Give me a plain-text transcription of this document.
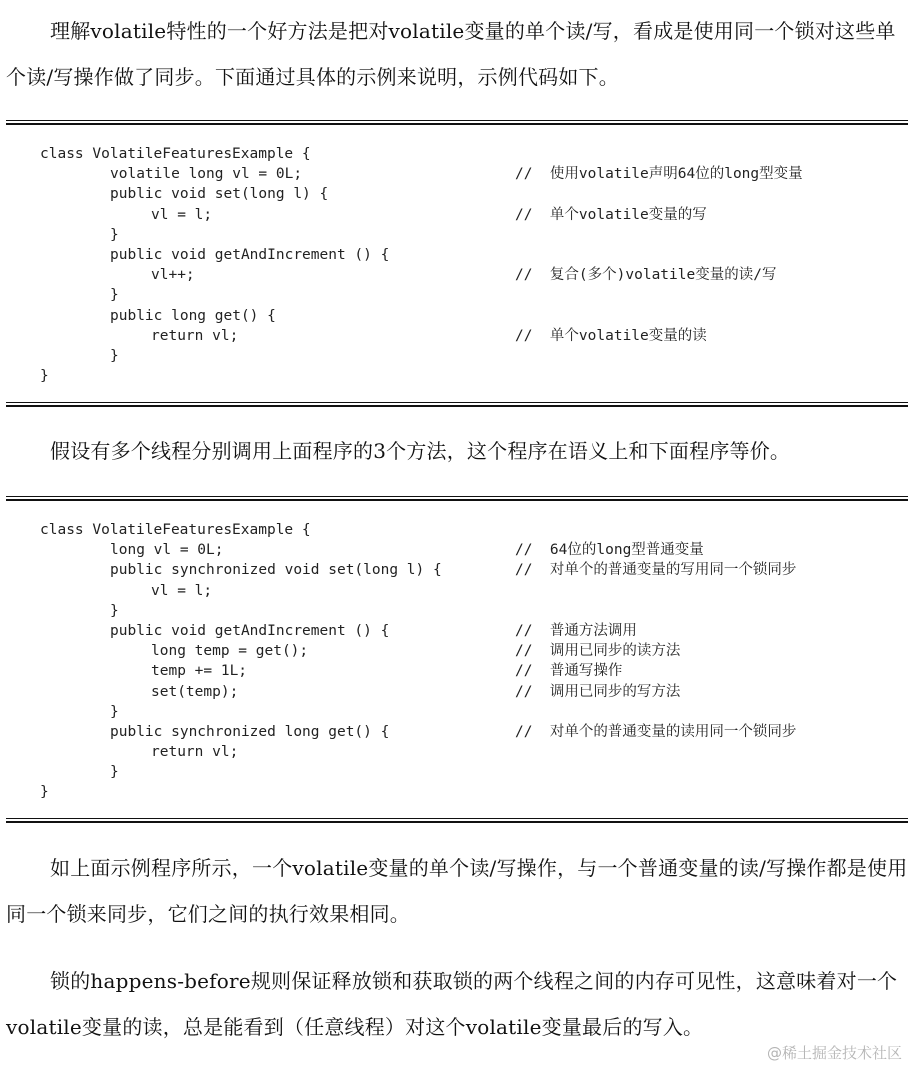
理解volatile特性的一个好方法是把对volatile变量的单个读/写，看成是使用同一个锁对这些单个读/写操作做了同步。下面通过具体的示例来说明，示例代码如下。

class VolatileFeaturesExample {
volatile long vl = 0L;	//  使用volatile声明64位的long型变量
public void set(long l) {
vl = l;	//  单个volatile变量的写
}
public void getAndIncrement () {
vl++;	//  复合(多个)volatile变量的读/写
}
public long get() {
return vl;	//  单个volatile变量的读
}
}

假设有多个线程分别调用上面程序的3个方法，这个程序在语义上和下面程序等价。

class VolatileFeaturesExample {
long vl = 0L;	//  64位的long型普通变量
public synchronized void set(long l) {	//  对单个的普通变量的写用同一个锁同步
vl = l;
}
public void getAndIncrement () {	//  普通方法调用
long temp = get();	//  调用已同步的读方法
temp += 1L;	//  普通写操作
set(temp);	//  调用已同步的写方法
}
public synchronized long get() {	//  对单个的普通变量的读用同一个锁同步
return vl;
}
}

如上面示例程序所示，一个volatile变量的单个读/写操作，与一个普通变量的读/写操作都是使用同一个锁来同步，它们之间的执行效果相同。

锁的happens-before规则保证释放锁和获取锁的两个线程之间的内存可见性，这意味着对一个volatile变量的读，总是能看到（任意线程）对这个volatile变量最后的写入。

@稀土掘金技术社区
